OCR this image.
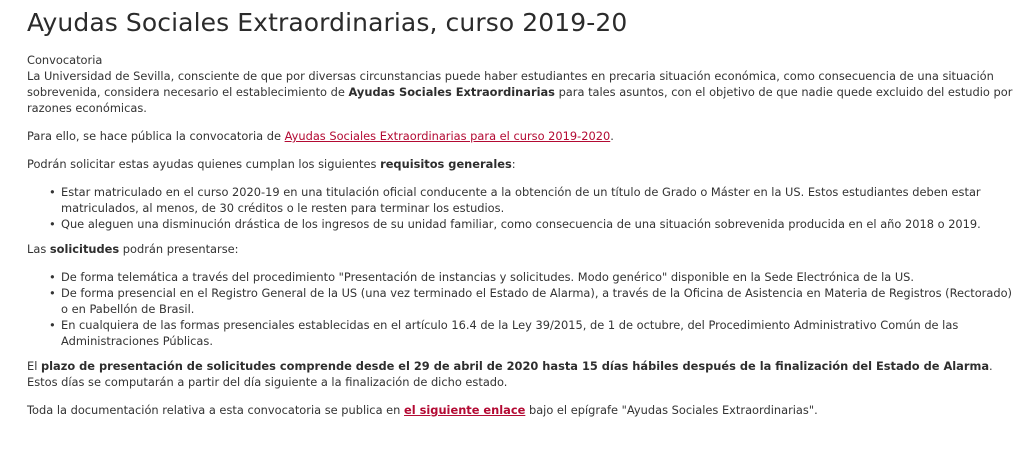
Ayudas Sociales Extraordinarias, curso 2019-20
Convocatoria

La Universidad de Sevilla, consciente de que por diversas circunstancias puede haber estudiantes en precaria situación económica, como consecuencia de una situación sobrevenida, considera necesario el establecimiento de Ayudas Sociales Extraordinarias para tales asuntos, con el objetivo de que nadie quede excluido del estudio por razones económicas.

Para ello, se hace pública la convocatoria de Ayudas Sociales Extraordinarias para el curso 2019-2020.

Podrán solicitar estas ayudas quienes cumplan los siguientes requisitos generales:

• Estar matriculado en el curso 2020-19 en una titulación oficial conducente a la obtención de un título de Grado o Máster en la US. Estos estudiantes deben estar matriculados, al menos, de 30 créditos o le resten para terminar los estudios.
• Que aleguen una disminución drástica de los ingresos de su unidad familiar, como consecuencia de una situación sobrevenida producida en el año 2018 o 2019.

Las solicitudes podrán presentarse:

• De forma telemática a través del procedimiento "Presentación de instancias y solicitudes. Modo genérico" disponible en la Sede Electrónica de la US.
• De forma presencial en el Registro General de la US (una vez terminado el Estado de Alarma), a través de la Oficina de Asistencia en Materia de Registros (Rectorado) o en Pabellón de Brasil.
• En cualquiera de las formas presenciales establecidas en el artículo 16.4 de la Ley 39/2015, de 1 de octubre, del Procedimiento Administrativo Común de las Administraciones Públicas.

El plazo de presentación de solicitudes comprende desde el 29 de abril de 2020 hasta 15 días hábiles después de la finalización del Estado de Alarma. Estos días se computarán a partir del día siguiente a la finalización de dicho estado.

Toda la documentación relativa a esta convocatoria se publica en el siguiente enlace bajo el epígrafe "Ayudas Sociales Extraordinarias".
